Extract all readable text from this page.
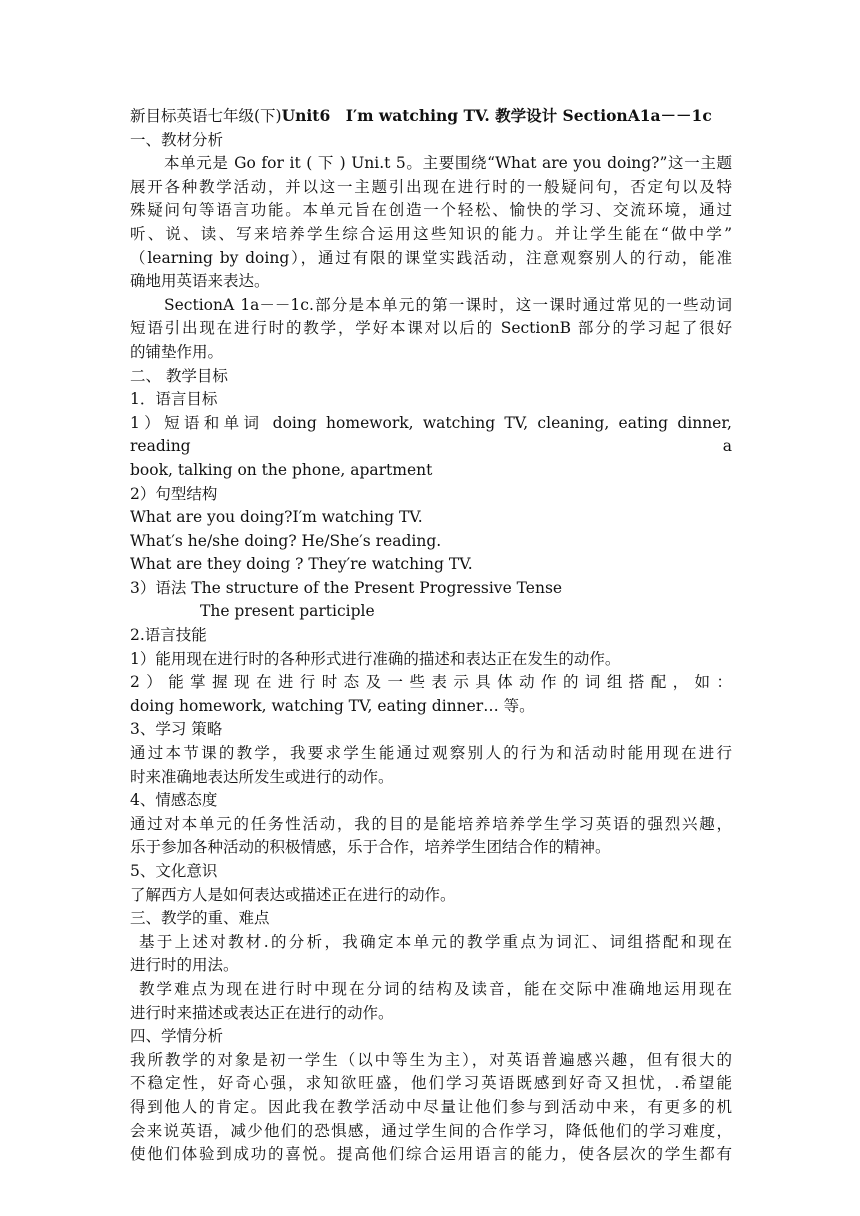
新目标英语七年级(下)Unit6　I′m watching TV. 教学设计 SectionA1a－－1c
一、教材分析
本单元是 Go for it ( 下 ) Uni.t 5。主要围绕“What are you doing?”这一主题
展开各种教学活动，并以这一主题引出现在进行时的一般疑问句，否定句以及特
殊疑问句等语言功能。本单元旨在创造一个轻松、愉快的学习、交流环境，通过
听、说、读、写来培养学生综合运用这些知识的能力。并让学生能在“做中学”
（learning by doing），通过有限的课堂实践活动，注意观察别人的行动，能准
确地用英语来表达。
SectionA 1a－－1c.部分是本单元的第一课时，这一课时通过常见的一些动词
短语引出现在进行时的教学，学好本课对以后的 SectionB 部分的学习起了很好
的铺垫作用。
二、 教学目标
1．语言目标
1）短语和单词 doing homework, watching TV, cleaning, eating dinner, reading a
book, talking on the phone, apartment
2）句型结构
What are you doing?I′m watching TV.
What′s he/she doing? He/She′s reading.
What are they doing ? They′re watching TV.
3）语法 The structure of the Present Progressive Tense
The present participle
2.语言技能
1）能用现在进行时的各种形式进行准确的描述和表达正在发生的动作。
2）能掌握现在进行时态及一些表示具体动作的词组搭配，如：
doing homework, watching TV, eating dinner… 等。
3、学习 策略
通过本节课的教学，我要求学生能通过观察别人的行为和活动时能用现在进行
时来准确地表达所发生或进行的动作。
4、情感态度
通过对本单元的任务性活动，我的目的是能培养培养学生学习英语的强烈兴趣，
乐于参加各种活动的积极情感，乐于合作，培养学生团结合作的精神。
5、文化意识
了解西方人是如何表达或描述正在进行的动作。
三、教学的重、难点
基于上述对教材.的分析，我确定本单元的教学重点为词汇、词组搭配和现在
进行时的用法。
教学难点为现在进行时中现在分词的结构及读音，能在交际中准确地运用现在
进行时来描述或表达正在进行的动作。
四、学情分析
我所教学的对象是初一学生（以中等生为主），对英语普遍感兴趣，但有很大的
不稳定性，好奇心强，求知欲旺盛，他们学习英语既感到好奇又担忧，.希望能
得到他人的肯定。因此我在教学活动中尽量让他们参与到活动中来，有更多的机
会来说英语，减少他们的恐惧感，通过学生间的合作学习，降低他们的学习难度，
使他们体验到成功的喜悦。提高他们综合运用语言的能力，使各层次的学生都有
